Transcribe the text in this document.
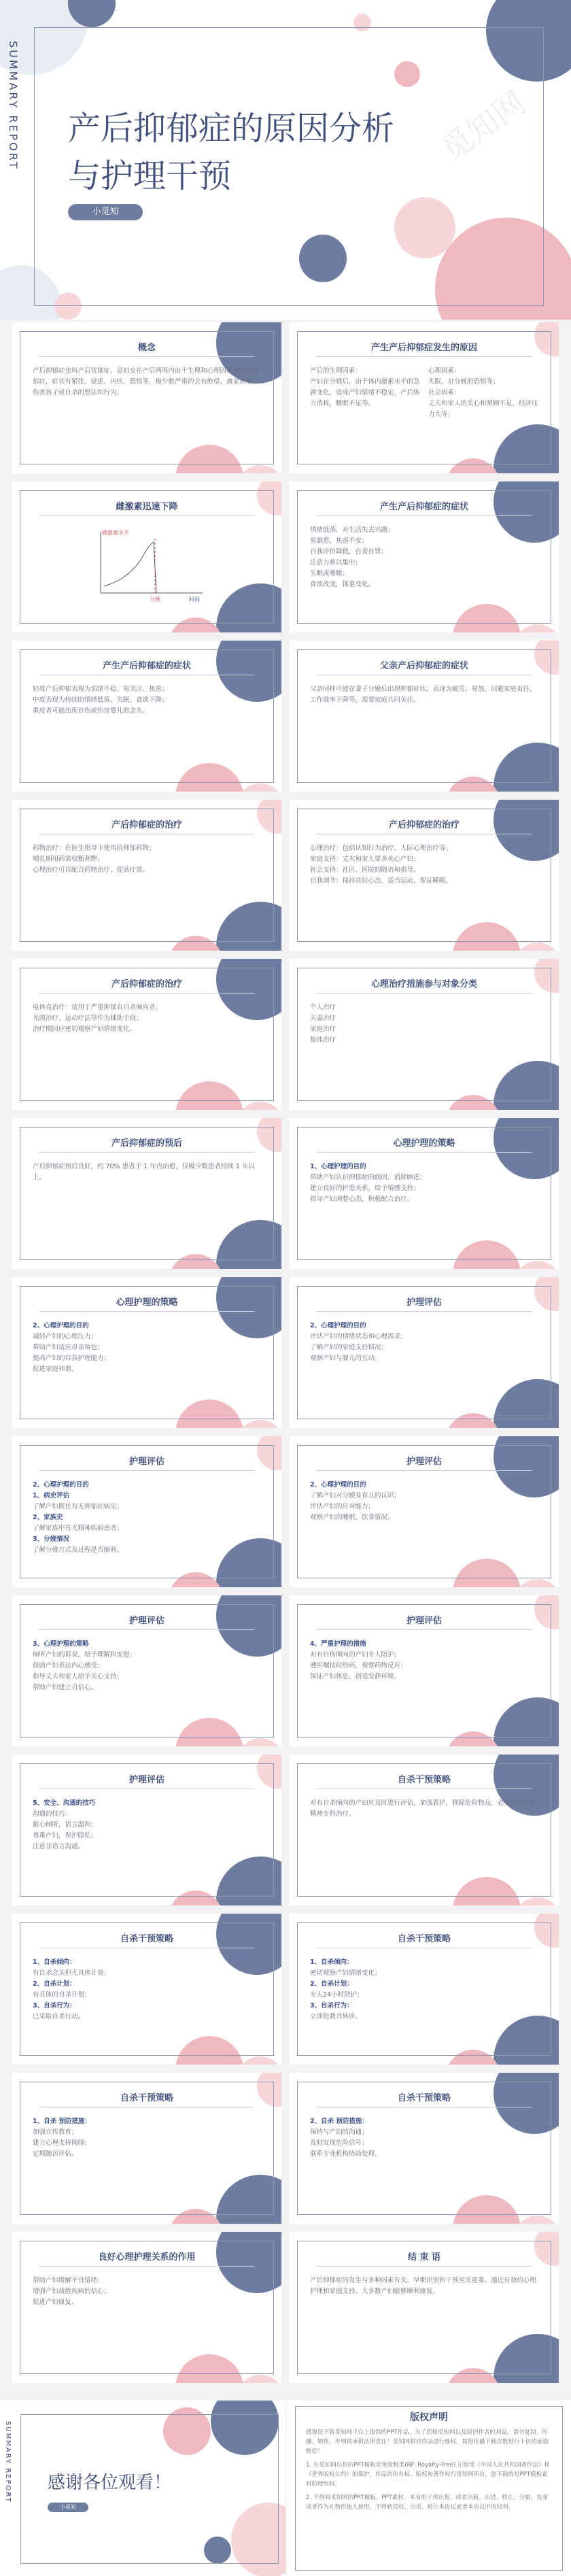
SUMMARY REPORT 产后抑郁症的原因分析
与护理干预
小觅知
觅知网
概念
产后抑郁症也叫产后忧郁症，是妇女在产后两周内由于生理和心理因素造成的抑郁症，症状有紧张、疑虑、内疚、恐惧等，极少数严重的会有绝望、离家出走、伤害孩子或自杀的想法和行为。
产生产后抑郁症发生的原因
产后的生理因素：
产妇在分娩后，由于体内激素水平的急剧变化，造成产妇情绪不稳定，产后体力消耗、睡眠不足等。
心理因素：
失眠、对分娩的恐惧等；
社会因素：
丈夫和家人的关心和照顾不足，经济压力大等；
雌激素迅速下降
雌激素水平
时间
分娩
产生产后抑郁症的症状
情绪低落，对生活失去兴趣；
易激惹，焦虑不安；
自我评价降低，自责自罪；
注意力难以集中；
失眠或嗜睡；
食欲改变，体重变化。
产生产后抑郁症的症状
轻度产后抑郁表现为情绪不稳、易哭泣、焦虑；
中度表现为持续的情绪低落、失眠、食欲下降；
重度者可能出现自伤或伤害婴儿的念头。
父亲产后抑郁症的症状
父亲同样可能在妻子分娩后出现抑郁症状，表现为疲劳、易怒、回避家庭责任、工作效率下降等，需要家庭共同关注。
产后抑郁症的治疗
药物治疗：在医生指导下使用抗抑郁药物；
哺乳期用药需权衡利弊；
心理治疗可以配合药物治疗，提高疗效。
产后抑郁症的治疗
心理治疗：包括认知行为治疗、人际心理治疗等；
家庭支持：丈夫和家人要多关心产妇；
社会支持：社区、医院的随访和指导。
自我调节：保持良好心态，适当运动，保证睡眠。
产后抑郁症的治疗
电休克治疗：适用于严重抑郁有自杀倾向者；
光照治疗、运动疗法等作为辅助手段；
治疗期间应密切观察产妇情绪变化。
心理治疗措施参与对象分类
个人治疗
夫妻治疗
家庭治疗
集体治疗
产后抑郁症的预后
产后抑郁症预后良好，约 70% 患者于 1 年内治愈，仅极少数患者持续 1 年以上。
心理护理的策略
1、心理护理的目的
帮助产妇认识抑郁症的病因，消除顾虑；
建立良好的护患关系，给予情感支持；
指导产妇调整心态，积极配合治疗。
心理护理的策略
2、心理护理的目的
减轻产妇的心理压力；
帮助产妇适应母亲角色；
提高产妇的自我护理能力；
促进家庭和谐。
护理评估
2、心理护理的目的
评估产妇的情绪状态和心理需求；
了解产妇的家庭支持情况；
观察产妇与婴儿的互动。
护理评估
2、心理护理的目的
1、病史评估
了解产妇既往有无抑郁症病史；
2、家族史
了解家族中有无精神疾病患者；
3、分娩情况
了解分娩方式及过程是否顺利。
护理评估
2、心理护理的目的
了解产妇对分娩及育儿的认识；
评估产妇的应对能力；
观察产妇的睡眠、饮食情况。
护理评估
3、心理护理的策略
倾听产妇的诉说，给予理解和安慰；
鼓励产妇表达内心感受；
指导丈夫和家人给予关心支持；
帮助产妇建立自信心。
护理评估
4、严重护理的措施
对有自伤倾向的产妇专人陪护；
遵医嘱按时给药，观察药物反应；
保证产妇休息，创造安静环境。
护理评估
5、安全、沟通的技巧
沟通的技巧：
耐心倾听，语言温和；
尊重产妇，保护隐私；
注意非语言沟通。
自杀干预策略
对有自杀倾向的产妇应及时进行评估，加强看护，移除危险物品，必要时转诊至精神专科治疗。
自杀干预策略
1、自杀倾向：
有自杀念头但无具体计划；
2、自杀计划：
有具体的自杀计划；
3、自杀行为：
已采取自杀行动。
自杀干预策略
1、自杀倾向：
密切观察产妇情绪变化；
2、自杀计划：
专人24小时陪护；
3、自杀行为：
立即抢救并转诊。
自杀干预策略
1、自杀 预防措施：
加强宣传教育；
建立心理支持网络；
定期随访评估。
自杀干预策略
2、自杀 预防措施：
保持与产妇的沟通；
及时发现危险信号；
联系专业机构协助处理。
良好心理护理关系的作用
帮助产妇缓解不良情绪；
增强产妇战胜疾病的信心；
促进产妇康复。
结 束 语
产后抑郁症的发生与多种因素有关，早期识别和干预至关重要。通过有效的心理护理和家庭支持，大多数产妇能够顺利康复。
SUMMARY REPORT 感谢各位观看！
小觅知
版权声明

感谢您下载觅知网平台上提供的PPT作品，为了您和觅知网以及原创作者的利益，请勿复制、传播、销售，否则将承担法律责任！觅知网将对作品进行维权，按照传播下载次数进行十倍的索取赔偿！

1. 在觅知网出售的PPT模板是免版税类(RF: Royalty-Free) 正版受《中国人民共和国著作法》和《世界版权公约》的保护，作品的所有权、版权和著作权归觅知网所有，您下载的是PPT模板素材的使用权。

2. 不得将觅知网的PPT模板、PPT素材，本身用于再出售，或者出租、出借、转让、分销、发布或者作为礼物供他人使用，不得转授权、出卖、转让本协议或者本协议中的权利。
